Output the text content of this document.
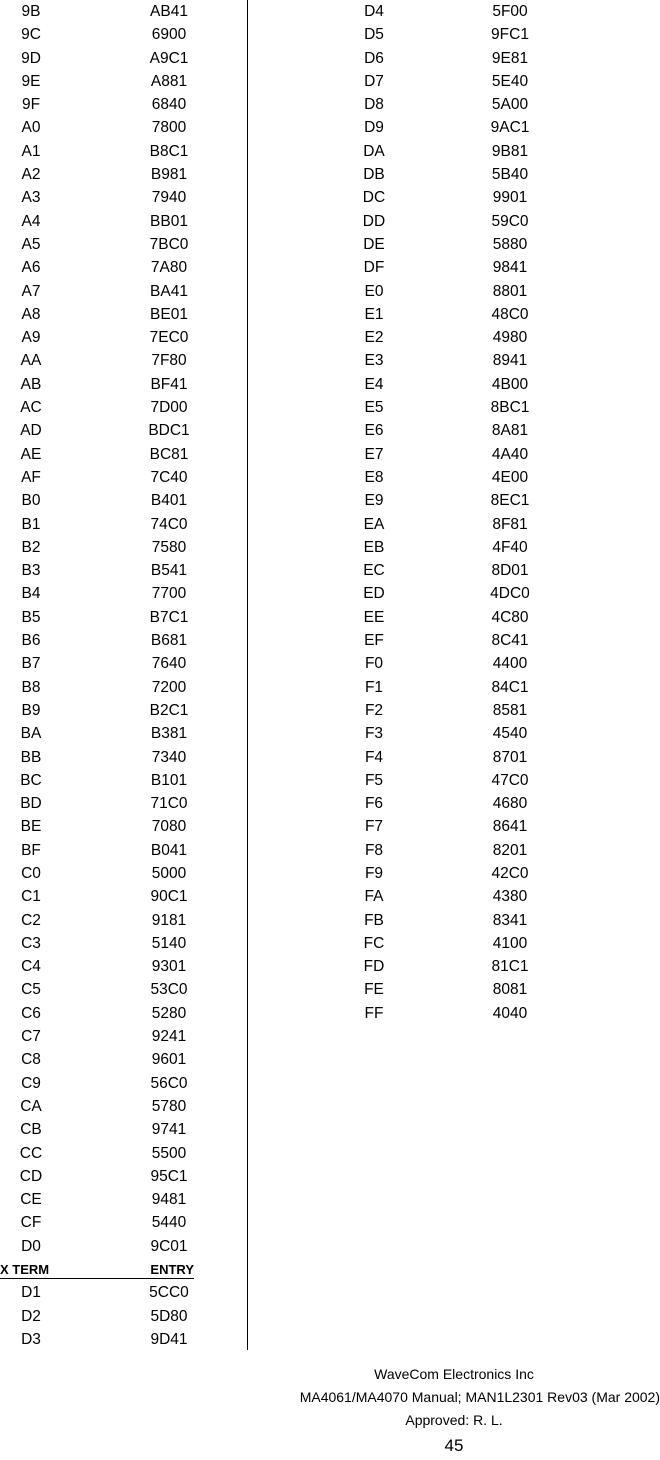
9B	AB41
9C	6900
9D	A9C1
9E	A881
9F	6840
A0	7800
A1	B8C1
A2	B981
A3	7940
A4	BB01
A5	7BC0
A6	7A80
A7	BA41
A8	BE01
A9	7EC0
AA	7F80
AB	BF41
AC	7D00
AD	BDC1
AE	BC81
AF	7C40
B0	B401
B1	74C0
B2	7580
B3	B541
B4	7700
B5	B7C1
B6	B681
B7	7640
B8	7200
B9	B2C1
BA	B381
BB	7340
BC	B101
BD	71C0
BE	7080
BF	B041
C0	5000
C1	90C1
C2	9181
C3	5140
C4	9301
C5	53C0
C6	5280
C7	9241
C8	9601
C9	56C0
CA	5780
CB	9741
CC	5500
CD	95C1
CE	9481
CF	5440
D0	9C01
X TERM	ENTRY
D1	5CC0
D2	5D80
D3	9D41
D4	5F00
D5	9FC1
D6	9E81
D7	5E40
D8	5A00
D9	9AC1
DA	9B81
DB	5B40
DC	9901
DD	59C0
DE	5880
DF	9841
E0	8801
E1	48C0
E2	4980
E3	8941
E4	4B00
E5	8BC1
E6	8A81
E7	4A40
E8	4E00
E9	8EC1
EA	8F81
EB	4F40
EC	8D01
ED	4DC0
EE	4C80
EF	8C41
F0	4400
F1	84C1
F2	8581
F3	4540
F4	8701
F5	47C0
F6	4680
F7	8641
F8	8201
F9	42C0
FA	4380
FB	8341
FC	4100
FD	81C1
FE	8081
FF	4040
WaveCom Electronics Inc
MA4061/MA4070 Manual; MAN1L2301 Rev03 (Mar 2002)
Approved: R. L.
45
